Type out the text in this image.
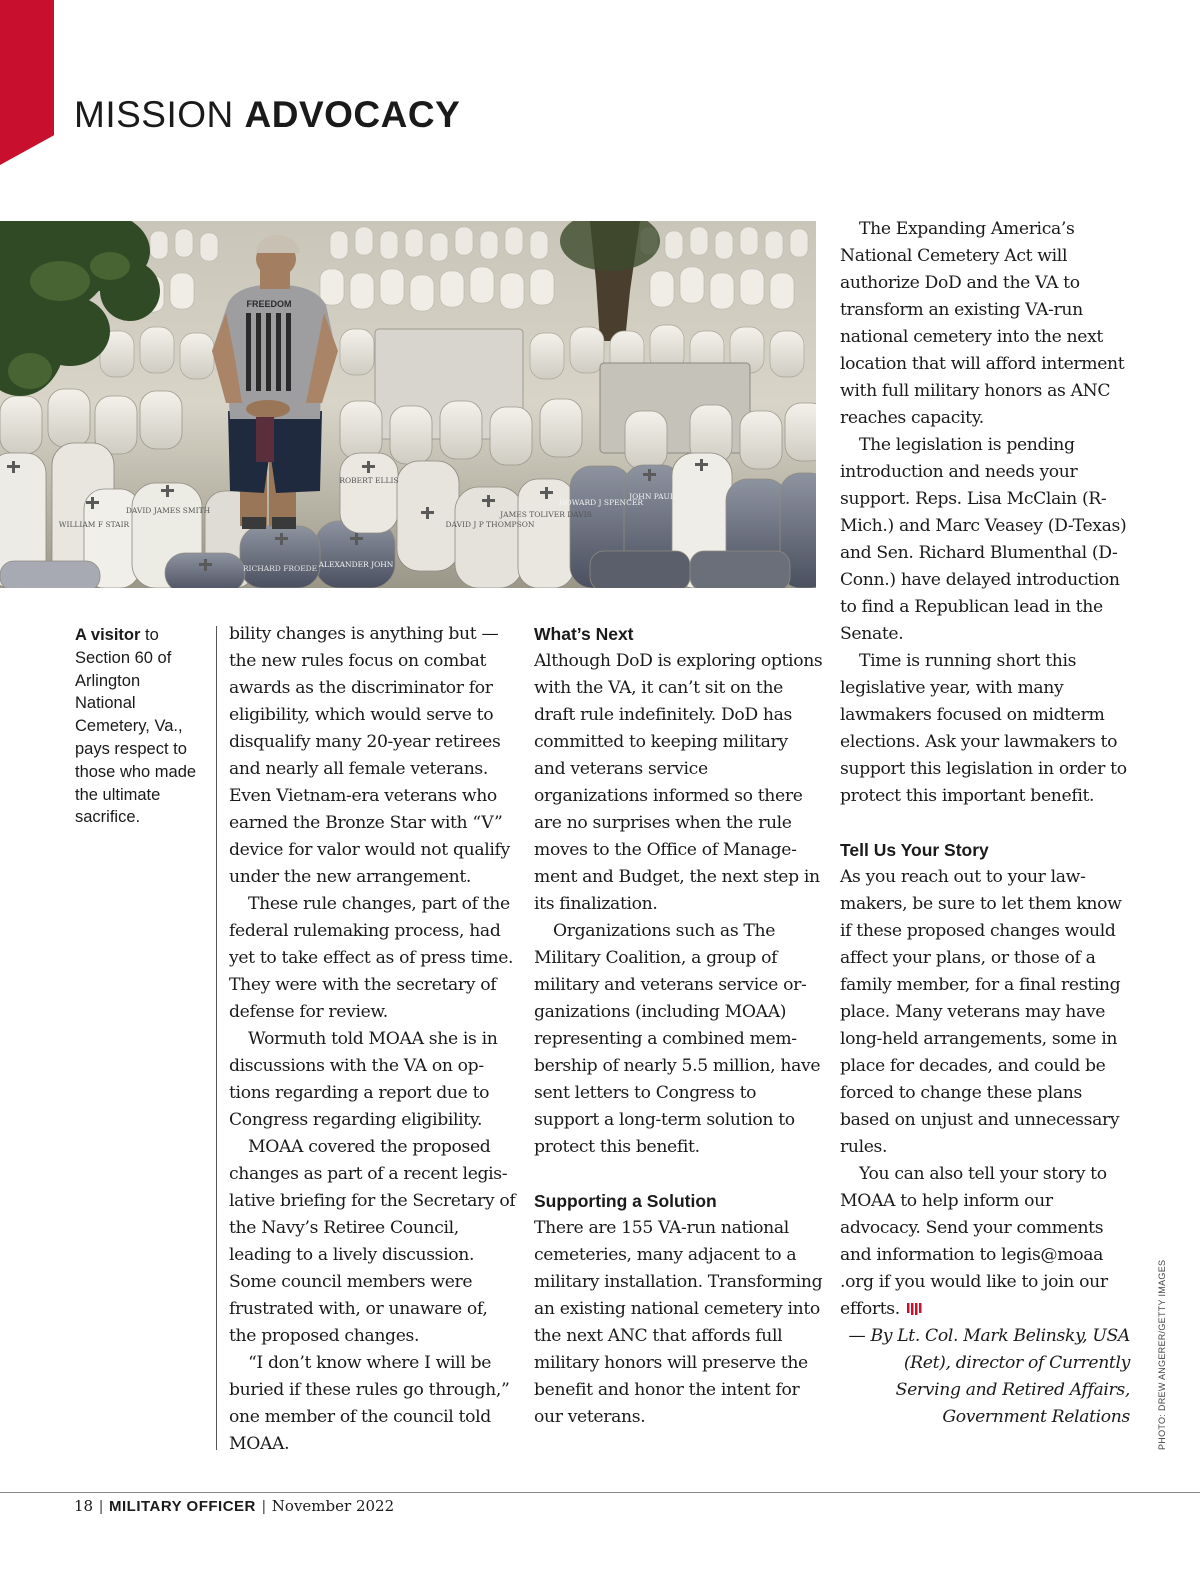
MISSION ADVOCACY
DAVID JAMES SMITH
WILLIAM F STAIR
ROBERT ELLIS
ALEXANDER JOHN
RICHARD FROEDE
DAVID J P THOMPSON
JAMES TOLIVER DAVIS
HOWARD J SPENCER
JOHN PAUL
FREEDOM
A visitor to Section 60 of Arlington National Cemetery, Va., pays respect to those who made the ultimate sacrifice.

bility changes is anything but — the new rules focus on combat awards as the discriminator for eligibility, which would serve to disqualify many 20-year retirees and nearly all female veterans. Even Vietnam-era veterans who earned the Bronze Star with “V” device for valor would not qualify under the new arrangement.

These rule changes, part of the federal rulemaking process, had yet to take effect as of press time. They were with the secretary of defense for review.

Wormuth told MOAA she is in discussions with the VA on options regarding a report due to Congress regarding eligibility.

MOAA covered the proposed changes as part of a recent legislative briefing for the Secretary of the Navy’s Retiree Council, leading to a lively discussion. Some council members were frustrated with, or unaware of, the proposed changes.

“I don’t know where I will be buried if these rules go through,” one member of the council told MOAA.

What’s Next

Although DoD is exploring options with the VA, it can’t sit on the draft rule indefinitely. DoD has committed to keeping military and veterans service organizations informed so there are no surprises when the rule moves to the Office of Management and Budget, the next step in its finalization.

Organizations such as The Military Coalition, a group of military and veterans service organizations (including MOAA) representing a combined membership of nearly 5.5 million, have sent letters to Congress to support a long-term solution to protect this benefit.

Supporting a Solution

There are 155 VA-run national cemeteries, many adjacent to a military installation. Transforming an existing national cemetery into the next ANC that affords full military honors will preserve the benefit and honor the intent for our veterans.

The Expanding America’s National Cemetery Act will authorize DoD and the VA to transform an existing VA-run national cemetery into the next location that will afford interment with full military honors as ANC reaches capacity.

The legislation is pending introduction and needs your support. Reps. Lisa McClain (R-Mich.) and Marc Veasey (D-Texas) and Sen. Richard Blumenthal (D-Conn.) have delayed introduction to find a Republican lead in the Senate.

Time is running short this legislative year, with many lawmakers focused on midterm elections. Ask your lawmakers to support this legislation in order to protect this important benefit.

Tell Us Your Story

As you reach out to your lawmakers, be sure to let them know if these proposed changes would affect your plans, or those of a family member, for a final resting place. Many veterans may have long-held arrangements, some in place for decades, and could be forced to change these plans based on unjust and unnecessary rules.

You can also tell your story to MOAA to help inform our advocacy. Send your comments and information to legis@moaa .org if you would like to join our efforts.

— By Lt. Col. Mark Belinsky, USA (Ret), director of Currently Serving and Retired Affairs, Government Relations	PHOTO: DREW ANGERER/GETTY IMAGES
18 | MILITARY OFFICER | November 2022
